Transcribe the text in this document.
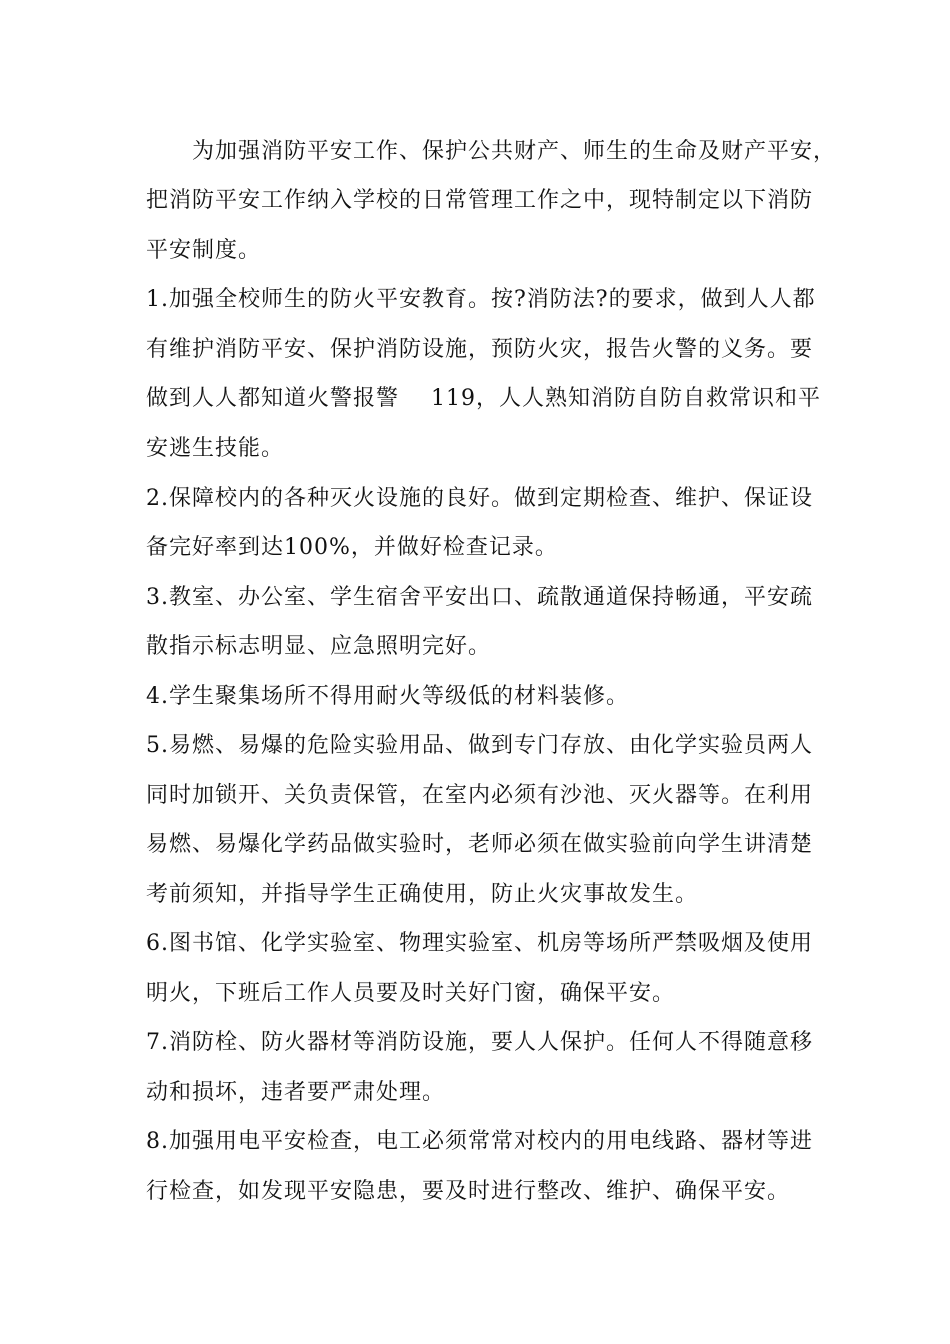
为加强消防平安工作、保护公共财产、师生的生命及财产平安，
把消防平安工作纳入学校的日常管理工作之中，现特制定以下消防
平安制度。
1.加强全校师生的防火平安教育。按?消防法?的要求，做到人人都
有维护消防平安、保护消防设施，预防火灾，报告火警的义务。要
做到人人都知道火警报警    119，人人熟知消防自防自救常识和平
安逃生技能。
2.保障校内的各种灭火设施的良好。做到定期检查、维护、保证设
备完好率到达100%，并做好检查记录。
3.教室、办公室、学生宿舍平安出口、疏散通道保持畅通，平安疏
散指示标志明显、应急照明完好。
4.学生聚集场所不得用耐火等级低的材料装修。
5.易燃、易爆的危险实验用品、做到专门存放、由化学实验员两人
同时加锁开、关负责保管，在室内必须有沙池、灭火器等。在利用
易燃、易爆化学药品做实验时，老师必须在做实验前向学生讲清楚
考前须知，并指导学生正确使用，防止火灾事故发生。
6.图书馆、化学实验室、物理实验室、机房等场所严禁吸烟及使用
明火，下班后工作人员要及时关好门窗，确保平安。
7.消防栓、防火器材等消防设施，要人人保护。任何人不得随意移
动和损坏，违者要严肃处理。
8.加强用电平安检查，电工必须常常对校内的用电线路、器材等进
行检查，如发现平安隐患，要及时进行整改、维护、确保平安。
